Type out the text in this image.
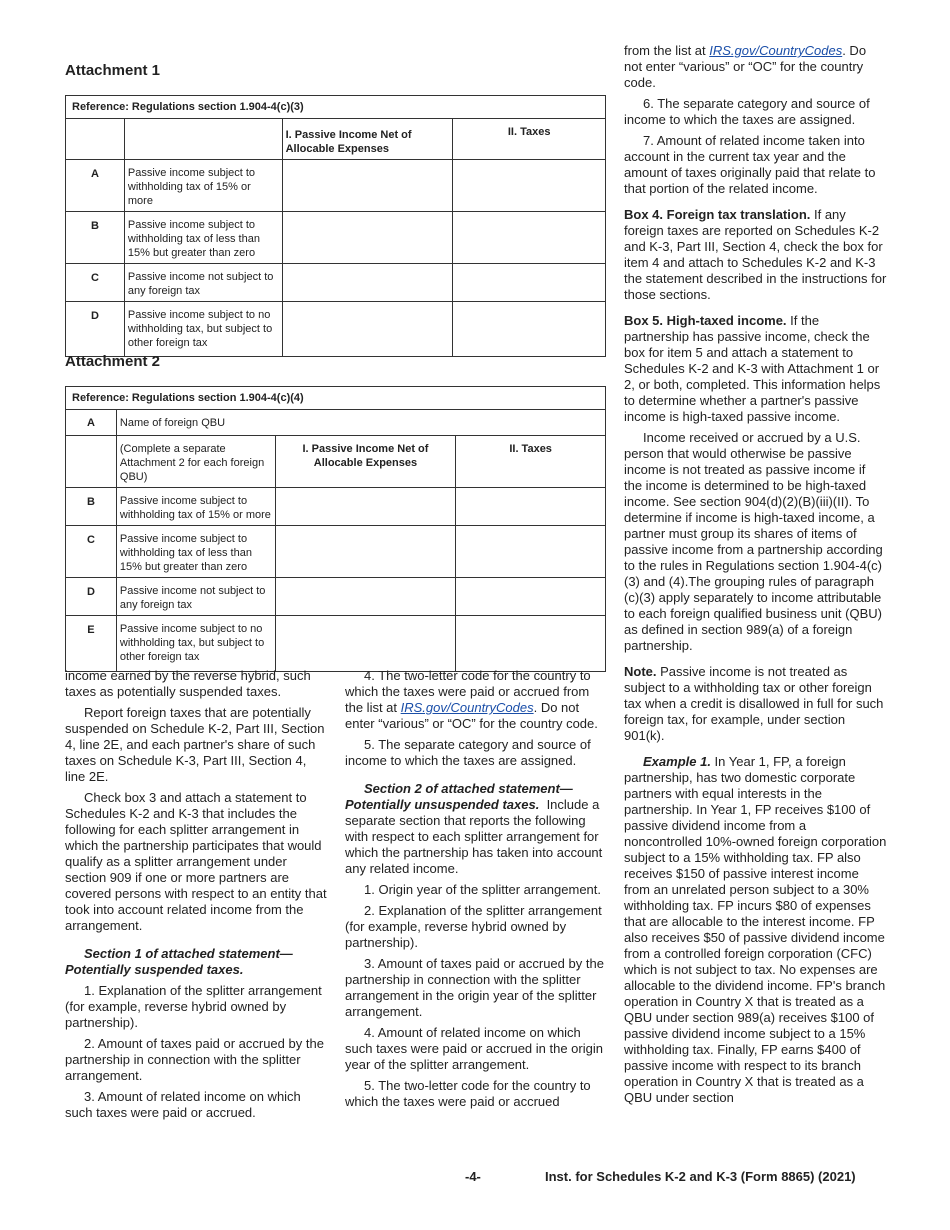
Attachment 1
Reference: Regulations section 1.904-4(c)(3)			
		I. Passive Income Net of Allocable Expenses	II. Taxes
A	Passive income subject to withholding tax of 15% or more		
B	Passive income subject to withholding tax of less than 15% but greater than zero		
C	Passive income not subject to any foreign tax		
D	Passive income subject to no withholding tax, but subject to other foreign tax		
Attachment 2
Reference: Regulations section 1.904-4(c)(4)			
A	Name of foreign QBU		
	(Complete a separate Attachment 2 for each foreign QBU)	I. Passive Income Net of Allocable Expenses	II. Taxes
B	Passive income subject to withholding tax of 15% or more		
C	Passive income subject to withholding tax of less than 15% but greater than zero		
D	Passive income not subject to any foreign tax		
E	Passive income subject to no withholding tax, but subject to other foreign tax		

income earned by the reverse hybrid, such taxes as potentially suspended taxes.

Report foreign taxes that are potentially suspended on Schedule K-2, Part III, Section 4, line 2E, and each partner's share of such taxes on Schedule K-3, Part III, Section 4, line 2E.

Check box 3 and attach a statement to Schedules K-2 and K-3 that includes the following for each splitter arrangement in which the partnership participates that would qualify as a splitter arrangement under section 909 if one or more partners are covered persons with respect to an entity that took into account related income from the arrangement.

Section 1 of attached statement—Potentially suspended taxes.

1. Explanation of the splitter arrangement (for example, reverse hybrid owned by partnership).

2. Amount of taxes paid or accrued by the partnership in connection with the splitter arrangement.

3. Amount of related income on which such taxes were paid or accrued.

4. The two-letter code for the country to which the taxes were paid or accrued from the list at IRS.gov/CountryCodes. Do not enter “various” or “OC” for the country code.

5. The separate category and source of income to which the taxes are assigned.

Section 2 of attached statement—Potentially unsuspended taxes. Include a separate section that reports the following with respect to each splitter arrangement for which the partnership has taken into account any related income.

1. Origin year of the splitter arrangement.

2. Explanation of the splitter arrangement (for example, reverse hybrid owned by partnership).

3. Amount of taxes paid or accrued by the partnership in connection with the splitter arrangement in the origin year of the splitter arrangement.

4. Amount of related income on which such taxes were paid or accrued in the origin year of the splitter arrangement.

5. The two-letter code for the country to which the taxes were paid or accrued

from the list at IRS.gov/CountryCodes. Do not enter “various” or “OC” for the country code.

6. The separate category and source of income to which the taxes are assigned.

7. Amount of related income taken into account in the current tax year and the amount of taxes originally paid that relate to that portion of the related income.

Box 4. Foreign tax translation. If any foreign taxes are reported on Schedules K-2 and K-3, Part III, Section 4, check the box for item 4 and attach to Schedules K-2 and K-3 the statement described in the instructions for those sections.

Box 5. High-taxed income. If the partnership has passive income, check the box for item 5 and attach a statement to Schedules K-2 and K-3 with Attachment 1 or 2, or both, completed. This information helps to determine whether a partner's passive income is high-taxed passive income.

Income received or accrued by a U.S. person that would otherwise be passive income is not treated as passive income if the income is determined to be high-taxed income. See section 904(d)(2)(B)(iii)(II). To determine if income is high-taxed income, a partner must group its shares of items of passive income from a partnership according to the rules in Regulations section 1.904-4(c)(3) and (4).The grouping rules of paragraph (c)(3) apply separately to income attributable to each foreign qualified business unit (QBU) as defined in section 989(a) of a foreign partnership.

Note. Passive income is not treated as subject to a withholding tax or other foreign tax when a credit is disallowed in full for such foreign tax, for example, under section 901(k).

Example 1. In Year 1, FP, a foreign partnership, has two domestic corporate partners with equal interests in the partnership. In Year 1, FP receives $100 of passive dividend income from a noncontrolled 10%-owned foreign corporation subject to a 15% withholding tax. FP also receives $150 of passive interest income from an unrelated person subject to a 30% withholding tax. FP incurs $80 of expenses that are allocable to the interest income. FP also receives $50 of passive dividend income from a controlled foreign corporation (CFC) which is not subject to tax. No expenses are allocable to the dividend income. FP's branch operation in Country X that is treated as a QBU under section 989(a) receives $100 of passive dividend income subject to a 15% withholding tax. Finally, FP earns $400 of passive income with respect to its branch operation in Country X that is treated as a QBU under section

-4-	Inst. for Schedules K-2 and K-3 (Form 8865) (2021)
